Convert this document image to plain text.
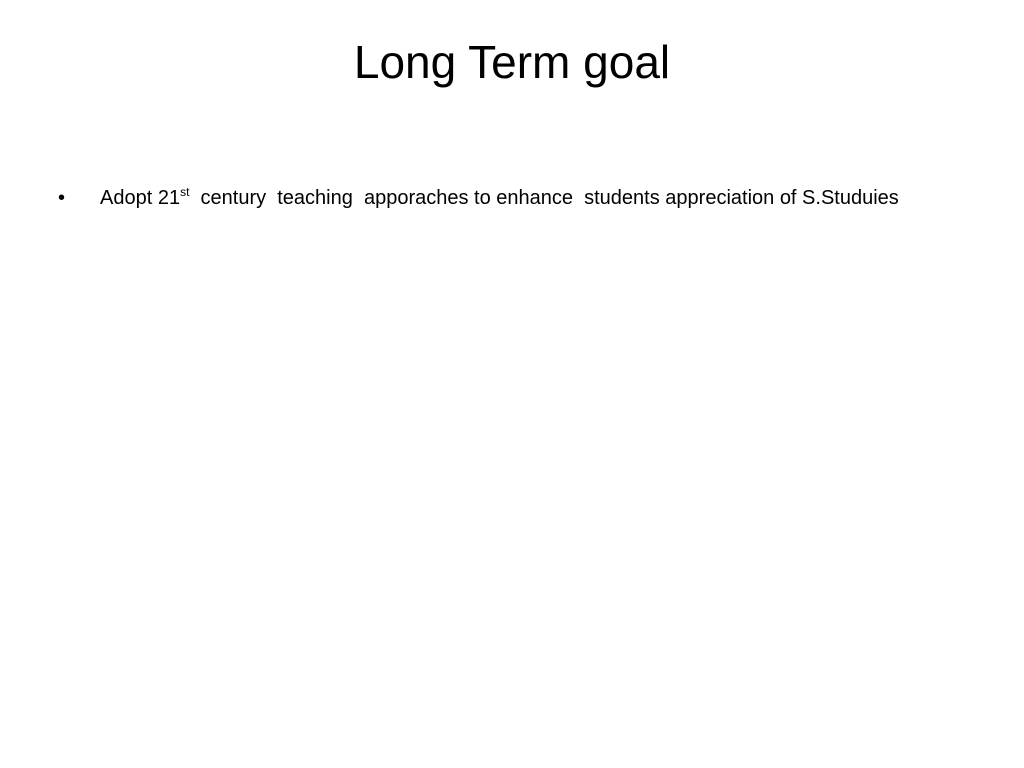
Long Term goal
• Adopt 21st  century  teaching  apporaches to enhance  students appreciation of S.Studuies
